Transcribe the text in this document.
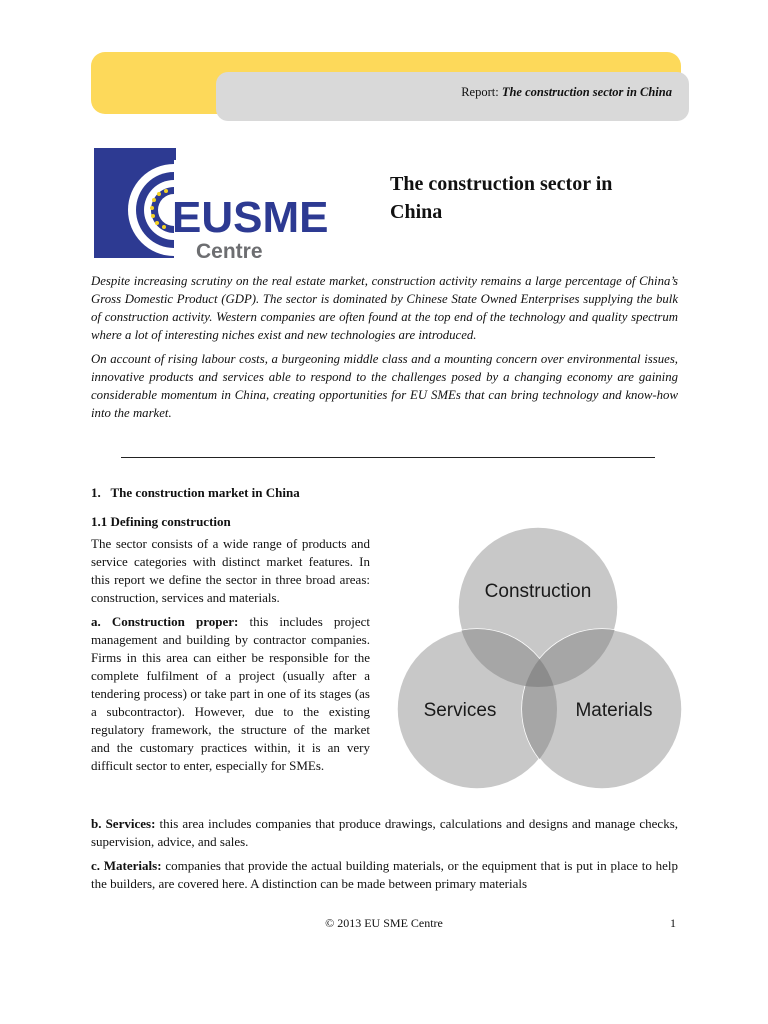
Report: The construction sector in China
EUSME
Centre
The construction sector in
China

Despite increasing scrutiny on the real estate market, construction activity remains a large percentage of China’s Gross Domestic Product (GDP). The sector is dominated by Chinese State Owned Enterprises supplying the bulk of construction activity. Western companies are often found at the top end of the technology and quality spectrum where a lot of interesting niches exist and new technologies are introduced.

On account of rising labour costs, a burgeoning middle class and a mounting concern over environmental issues, innovative products and services able to respond to the challenges posed by a changing economy are gaining considerable momentum in China, creating opportunities for EU SMEs that can bring technology and know-how into the market.

1. The construction market in China
1.1 Defining construction

The sector consists of a wide range of products and service categories with distinct market features. In this report we define the sector in three broad areas: construction, services and materials.

a. Construction proper: this includes project management and building by contractor companies. Firms in this area can either be responsible for the complete fulfilment of a project (usually after a tendering process) or take part in one of its stages (as a subcontractor). However, due to the existing regulatory framework, the structure of the market and the customary practices within, it is an very difficult sector to enter, especially for SMEs.

Construction
Services	Materials

b. Services: this area includes companies that produce drawings, calculations and designs and manage checks, supervision, advice, and sales.

c. Materials: companies that provide the actual building materials, or the equipment that is put in place to help the builders, are covered here. A distinction can be made between primary materials

© 2013 EU SME Centre	1
